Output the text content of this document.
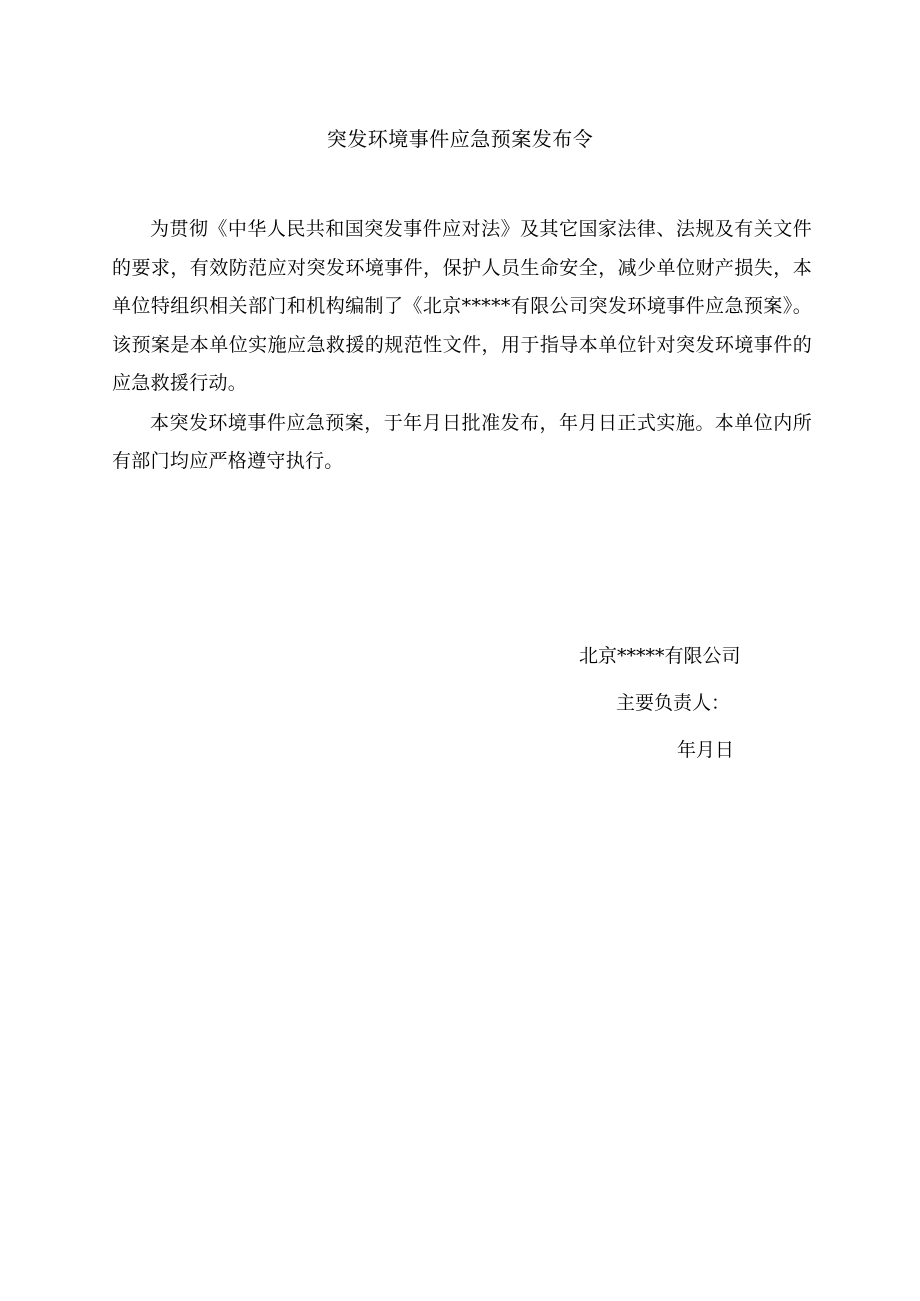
突发环境事件应急预案发布令

为贯彻《中华人民共和国突发事件应对法》及其它国家法律、法规及有关文件的要求，有效防范应对突发环境事件，保护人员生命安全，减少单位财产损失，本单位特组织相关部门和机构编制了《北京*****有限公司突发环境事件应急预案》。该预案是本单位实施应急救援的规范性文件，用于指导本单位针对突发环境事件的应急救援行动。

本突发环境事件应急预案，于年月日批准发布，年月日正式实施。本单位内所有部门均应严格遵守执行。

北京*****有限公司
主要负责人：
年月日
